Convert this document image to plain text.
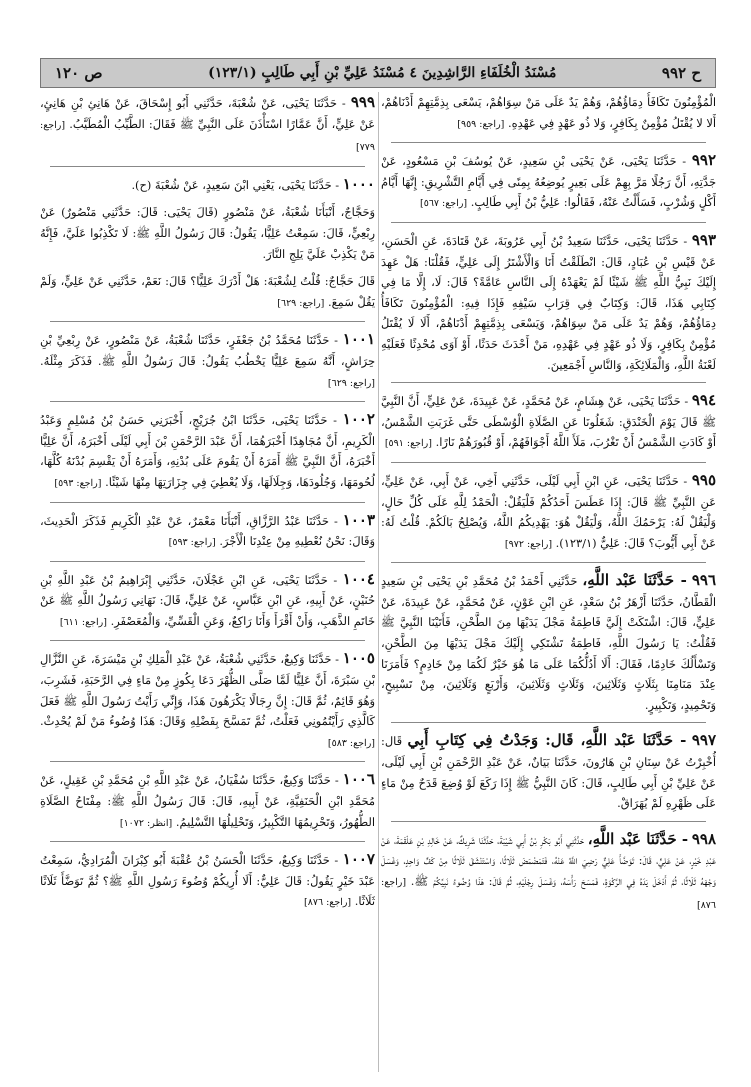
ح ٩٩٢
مُسْنَدُ الْخُلَفَاءِ الرَّاشِدِينَ ٤ مُسْنَدُ عَلِيِّ بْنِ أَبِي طَالِبٍ (١٢٣/١)
ص ١٢٠

الْمُؤْمِنُونَ تَكَافَأُ دِمَاؤُهُمْ، وَهُمْ يَدٌ عَلَى مَنْ سِوَاهُمْ، يَسْعَى بِذِمَّتِهِمْ أَدْنَاهُمْ، أَلا لا يُقْتَلُ مُؤْمِنٌ بِكَافِرٍ، وَلا ذُو عَهْدٍ فِي عَهْدِهِ. [راجع: ٩٥٩]

٩٩٢ - حَدَّثَنَا يَحْيَى، عَنْ يَحْيَى بْنِ سَعِيدٍ، عَنْ يُوسُفَ بْنِ مَسْعُودٍ، عَنْ جَدَّتِهِ، أَنَّ رَجُلًا مَرَّ بِهِمْ عَلَى بَعِيرٍ يُوضِعُهُ بِمِنًى فِي أَيَّامِ التَّشْرِيقِ: إِنَّهَا أَيَّامُ أَكْلٍ وَشُرْبٍ، فَسَأَلْتُ عَنْهُ، فَقَالُوا: عَلِيُّ بْنُ أَبِي طَالِبٍ. [راجع: ٥٦٧]

٩٩٣ - حَدَّثَنَا يَحْيَى، حَدَّثَنَا سَعِيدُ بْنُ أَبِي عَرُوبَةَ، عَنْ قَتَادَةَ، عَنِ الْحَسَنِ، عَنْ قَيْسِ بْنِ عُبَادٍ، قَالَ: انْطَلَقْتُ أَنَا وَالْأَشْتَرُ إِلَى عَلِيٍّ، فَقُلْنَا: هَلْ عَهِدَ إِلَيْكَ نَبِيُّ اللَّهِ ﷺ شَيْئًا لَمْ يَعْهَدْهُ إِلَى النَّاسِ عَامَّةً؟ قَالَ: لَا، إِلَّا مَا فِي كِتَابِي هَذَا، قَالَ: وَكِتَابٌ فِي قِرَابِ سَيْفِهِ فَإِذَا فِيهِ: الْمُؤْمِنُونَ تَكَافَأُ دِمَاؤُهُمْ، وَهُمْ يَدٌ عَلَى مَنْ سِوَاهُمْ، وَيَسْعَى بِذِمَّتِهِمْ أَدْنَاهُمْ، أَلَا لَا يُقْتَلُ مُؤْمِنٌ بِكَافِرٍ، وَلَا ذُو عَهْدٍ فِي عَهْدِهِ، مَنْ أَحْدَثَ حَدَثًا، أَوْ آوَى مُحْدِثًا فَعَلَيْهِ لَعْنَةُ اللَّهِ، وَالْمَلَائِكَةِ، وَالنَّاسِ أَجْمَعِينَ.

٩٩٤ - حَدَّثَنَا يَحْيَى، عَنْ هِشَامٍ، عَنْ مُحَمَّدٍ، عَنْ عَبِيدَةَ، عَنْ عَلِيٍّ، أَنَّ النَّبِيَّ ﷺ قَالَ يَوْمَ الْخَنْدَقِ: شَغَلُونَا عَنِ الصَّلَاةِ الْوُسْطَى حَتَّى غَرَبَتِ الشَّمْسُ، أَوْ كَادَتِ الشَّمْسُ أَنْ تَغْرُبَ، مَلَأَ اللَّهُ أَجْوَافَهُمْ، أَوْ قُبُورَهُمْ نَارًا. [راجع: ٥٩١]

٩٩٥ - حَدَّثَنَا يَحْيَى، عَنِ ابْنِ أَبِي لَيْلَى، حَدَّثَنِي أَخِي، عَنْ أَبِي، عَنْ عَلِيٍّ، عَنِ النَّبِيِّ ﷺ قَالَ: إِذَا عَطَسَ أَحَدُكُمْ فَلْيَقُلْ: الْحَمْدُ لِلَّهِ عَلَى كُلِّ حَالٍ، وَلْيَقُلْ لَهُ: يَرْحَمُكَ اللَّهُ، وَلْيَقُلْ هُوَ: يَهْدِيكُمُ اللَّهُ، وَيُصْلِحُ بَالَكُمْ. قُلْتُ لَهُ: عَنْ أَبِي أَيُّوبَ؟ قَالَ: عَلِيٌّ (١٢٣/١). [راجع: ٩٧٢]

٩٩٦ - حَدَّثَنَا عَبْد اللَّهِ، حَدَّثَنِي أَحْمَدُ بْنُ مُحَمَّدِ بْنِ يَحْيَى بْنِ سَعِيدٍ الْقَطَّانُ، حَدَّثَنَا أَزْهَرُ بْنُ سَعْدٍ، عَنِ ابْنِ عَوْنٍ، عَنْ مُحَمَّدٍ، عَنْ عَبِيدَةَ، عَنْ عَلِيٍّ، قَالَ: اشْتَكَتْ إِلَيَّ فَاطِمَةُ مَجْلَ يَدَيْهَا مِنَ الطَّحْنِ، فَأَتَيْنَا النَّبِيَّ ﷺ فَقُلْتُ: يَا رَسُولَ اللَّهِ، فَاطِمَةُ تَشْتَكِي إِلَيْكَ مَجْلَ يَدَيْهَا مِنَ الطَّحْنِ، وَتَسْأَلُكَ خَادِمًا، فَقَالَ: أَلَا أَدُلُّكُمَا عَلَى مَا هُوَ خَيْرٌ لَكُمَا مِنْ خَادِمٍ؟ فَأَمَرَنَا عِنْدَ مَنَامِنَا بِثَلَاثٍ وَثَلَاثِينَ، وَثَلَاثٍ وَثَلَاثِينَ، وَأَرْبَعٍ وَثَلَاثِينَ، مِنْ تَسْبِيحٍ، وَتَحْمِيدٍ، وَتَكْبِيرٍ.

٩٩٧ - حَدَّثَنَا عَبْد اللَّهِ، قَال: وَجَدْتُ فِي كِتَابِ أَبِي قَال: أُخْبِرْتُ عَنْ سِنَانِ بْنِ هَارُونَ، حَدَّثَنَا بَيَانٌ، عَنْ عَبْدِ الرَّحْمَنِ بْنِ أَبِي لَيْلَى، عَنْ عَلِيِّ بْنِ أَبِي طَالِبٍ، قَالَ: كَانَ النَّبِيُّ ﷺ إِذَا رَكَعَ لَوْ وُضِعَ قَدَحٌ مِنْ مَاءٍ عَلَى ظَهْرِهِ لَمْ يُهَرَاقْ.

٩٩٨ - حَدَّثَنَا عَبْد اللَّهِ، حَدَّثَنِي أَبُو بَكْرِ بْنُ أَبِي شَيْبَةَ، حَدَّثَنَا شَرِيكٌ، عَنْ خَالِدِ بْنِ عَلْقَمَةَ، عَنْ عَبْدِ خَيْرٍ، عَنْ عَلِيٍّ، قَالَ: تَوَضَّأَ عَلِيٌّ رَضِيَ اللَّهُ عَنْهُ، فَتَمَضْمَضَ ثَلَاثًا، وَاسْتَنْشَقَ ثَلَاثًا مِنْ كَفٍّ وَاحِدٍ، وَغَسَلَ وَجْهَهُ ثَلَاثًا، ثُمَّ أَدْخَلَ يَدَهُ فِي الرَّكْوَةِ، فَمَسَحَ رَأْسَهُ، وَغَسَلَ رِجْلَيْهِ، ثُمَّ قَالَ: هَذَا وُضُوءُ نَبِيِّكُمْ ﷺ. [راجع: ٨٧٦]

٩٩٩ - حَدَّثَنَا يَحْيَى، عَنْ شُعْبَةَ، حَدَّثَنِي أَبُو إِسْحَاقَ، عَنْ هَانِئِ بْنِ هَانِئٍ، عَنْ عَلِيٍّ، أَنَّ عَمَّارًا اسْتَأْذَنَ عَلَى النَّبِيِّ ﷺ فَقَالَ: الطَّيِّبُ الْمُطَيَّبُ. [راجع: ٧٧٩]

١٠٠٠ - حَدَّثَنَا يَحْيَى، يَعْنِي ابْنَ سَعِيدٍ، عَنْ شُعْبَةَ (ح).

وَحَجَّاجٌ، أَنْبَأَنَا شُعْبَةُ، عَنْ مَنْصُورٍ (قَالَ يَحْيَى: قَالَ: حَدَّثَنِي مَنْصُورٌ) عَنْ رِبْعِيٍّ، قَالَ: سَمِعْتُ عَلِيًّا، يَقُولُ: قَالَ رَسُولُ اللَّهِ ﷺ: لَا تَكْذِبُوا عَلَيَّ، فَإِنَّهُ مَنْ يَكْذِبْ عَلَيَّ يَلِجِ النَّارَ.

قَالَ حَجَّاجٌ: قُلْتُ لِشُعْبَةَ: هَلْ أَدْرَكَ عَلِيًّا؟ قَالَ: نَعَمْ، حَدَّثَنِي عَنْ عَلِيٍّ، وَلَمْ يَقُلْ سَمِعَ. [راجع: ٦٢٩]

١٠٠١ - حَدَّثَنَا مُحَمَّدُ بْنُ جَعْفَرٍ، حَدَّثَنَا شُعْبَةُ، عَنْ مَنْصُورٍ، عَنْ رِبْعِيِّ بْنِ حِرَاشٍ، أَنَّهُ سَمِعَ عَلِيًّا يَخْطُبُ يَقُولُ: قَالَ رَسُولُ اللَّهِ ﷺ. فَذَكَرَ مِثْلَهُ. [راجع: ٦٢٩]

١٠٠٢ - حَدَّثَنَا يَحْيَى، حَدَّثَنَا ابْنُ جُرَيْجٍ، أَخْبَرَنِي حَسَنُ بْنُ مُسْلِمٍ وَعَبْدُ الْكَرِيمِ، أَنَّ مُجَاهِدًا أَخْبَرَهُمَا، أَنَّ عَبْدَ الرَّحْمَنِ بْنَ أَبِي لَيْلَى أَخْبَرَهُ، أَنَّ عَلِيًّا أَخْبَرَهُ، أَنَّ النَّبِيَّ ﷺ أَمَرَهُ أَنْ يَقُومَ عَلَى بُدْنِهِ، وَأَمَرَهُ أَنْ يَقْسِمَ بُدْنَهُ كُلَّهَا، لُحُومَهَا، وَجُلُودَهَا، وَجِلَالَهَا، وَلَا يُعْطِيَ فِي جِزَارَتِهَا مِنْهَا شَيْئًا. [راجع: ٥٩٣]

١٠٠٣ - حَدَّثَنَا عَبْدُ الرَّزَّاقِ، أَنْبَأَنَا مَعْمَرٌ، عَنْ عَبْدِ الْكَرِيمِ فَذَكَرَ الْحَدِيثَ، وَقَالَ: نَحْنُ نُعْطِيهِ مِنْ عِنْدِنَا الْأَجْرَ. [راجع: ٥٩٣]

١٠٠٤ - حَدَّثَنَا يَحْيَى، عَنِ ابْنِ عَجْلَانَ، حَدَّثَنِي إِبْرَاهِيمُ بْنُ عَبْدِ اللَّهِ بْنِ حُنَيْنٍ، عَنْ أَبِيهِ، عَنِ ابْنِ عَبَّاسٍ، عَنْ عَلِيٍّ، قَالَ: نَهَانِي رَسُولُ اللَّهِ ﷺ عَنْ خَاتَمِ الذَّهَبِ، وَأَنْ أَقْرَأَ وَأَنَا رَاكِعٌ، وَعَنِ الْقَسِّيِّ، وَالْمُعَصْفَرِ. [راجع: ٦١١]

١٠٠٥ - حَدَّثَنَا وَكِيعٌ، حَدَّثَنِي شُعْبَةُ، عَنْ عَبْدِ الْمَلِكِ بْنِ مَيْسَرَةَ، عَنِ النَّزَّالِ بْنِ سَبْرَةَ، أَنَّ عَلِيًّا لَمَّا صَلَّى الظُّهْرَ دَعَا بِكُوزٍ مِنْ مَاءٍ فِي الرَّحَبَةِ، فَشَرِبَ، وَهُوَ قَائِمٌ، ثُمَّ قَالَ: إِنَّ رِجَالًا يَكْرَهُونَ هَذَا، وَإِنِّي رَأَيْتُ رَسُولَ اللَّهِ ﷺ فَعَلَ كَالَّذِي رَأَيْتُمُونِي فَعَلْتُ، ثُمَّ تَمَسَّحَ بِفَضْلِهِ وَقَالَ: هَذَا وُضُوءُ مَنْ لَمْ يُحْدِثْ. [راجع: ٥٨٣]

١٠٠٦ - حَدَّثَنَا وَكِيعٌ، حَدَّثَنَا سُفْيَانُ، عَنْ عَبْدِ اللَّهِ بْنِ مُحَمَّدِ بْنِ عَقِيلٍ، عَنْ مُحَمَّدِ ابْنِ الْحَنَفِيَّةِ، عَنْ أَبِيهِ، قَالَ: قَالَ رَسُولُ اللَّهِ ﷺ: مِفْتَاحُ الصَّلَاةِ الطُّهُورُ، وَتَحْرِيمُهَا التَّكْبِيرُ، وَتَحْلِيلُهَا التَّسْلِيمُ. [انظر: ١٠٧٢]

١٠٠٧ - حَدَّثَنَا وَكِيعٌ، حَدَّثَنَا الْحَسَنُ بْنُ عُقْبَةَ أَبُو كِبْرَانَ الْمُرَادِيُّ، سَمِعْتُ عَبْدَ خَيْرٍ يَقُولُ: قَالَ عَلِيٌّ: أَلَا أُرِيكُمْ وُضُوءَ رَسُولِ اللَّهِ ﷺ؟ ثُمَّ تَوَضَّأَ ثَلَاثًا ثَلَاثًا. [راجع: ٨٧٦]
